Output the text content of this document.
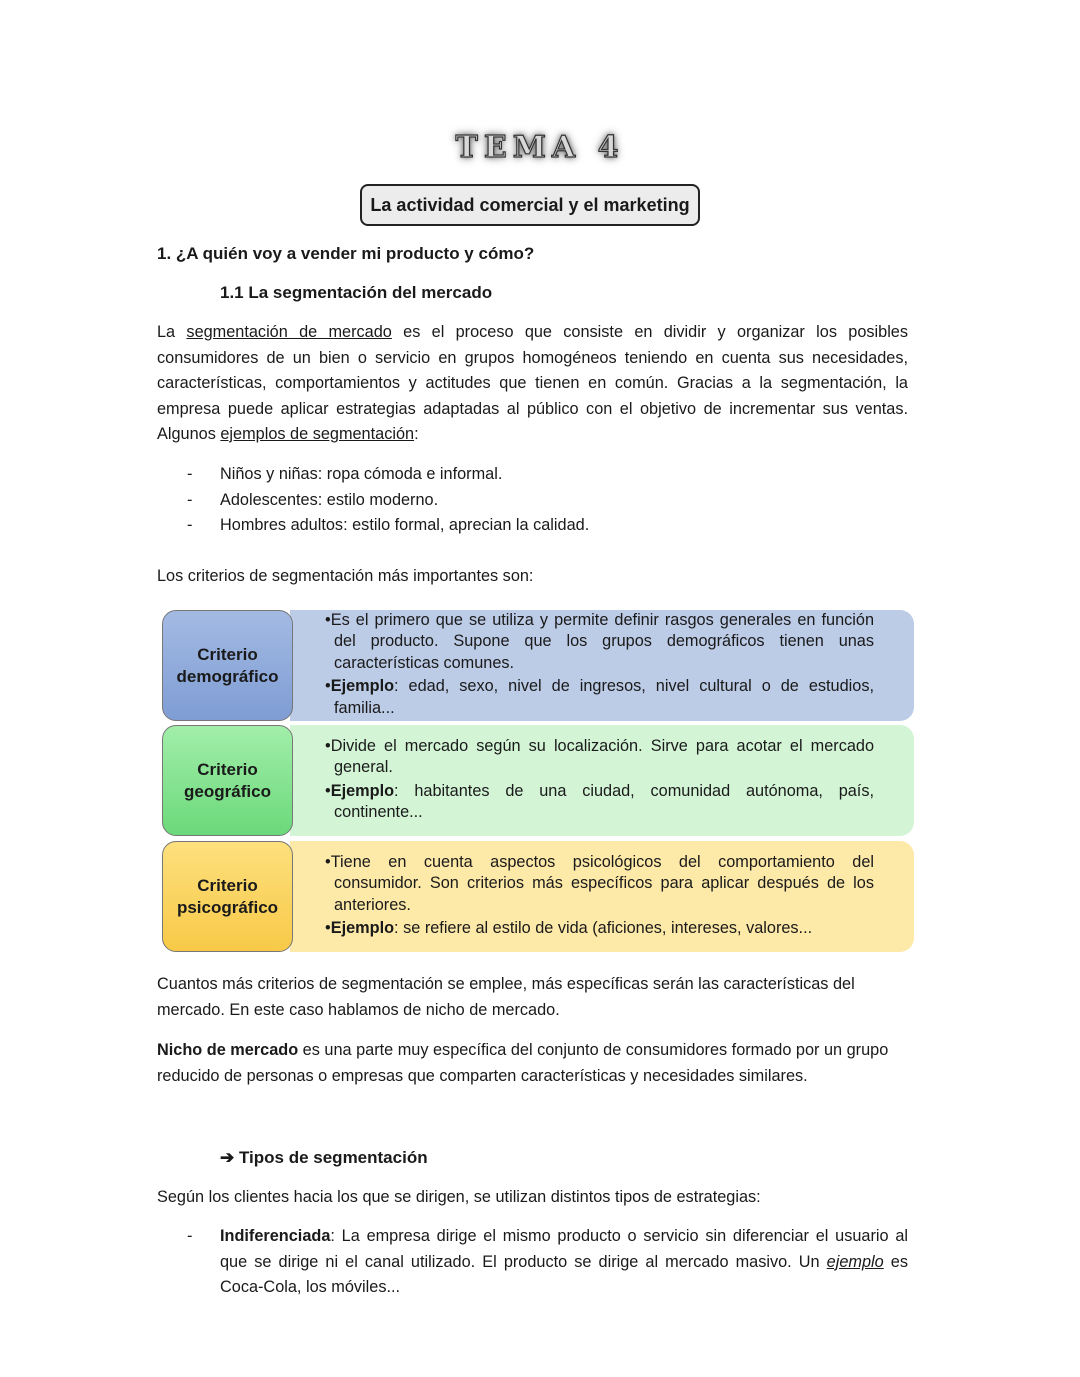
TEMA 4
La actividad comercial y el marketing
1. ¿A quién voy a vender mi producto y cómo?
1.1 La segmentación del mercado
La segmentación de mercado es el proceso que consiste en dividir y organizar los posibles consumidores de un bien o servicio en grupos homogéneos teniendo en cuenta sus necesidades, características, comportamientos y actitudes que tienen en común. Gracias a la segmentación, la empresa puede aplicar estrategias adaptadas al público con el objetivo de incrementar sus ventas. Algunos ejemplos de segmentación:
- Niños y niñas: ropa cómoda e informal.
- Adolescentes: estilo moderno.
- Hombres adultos: estilo formal, aprecian la calidad.
Los criterios de segmentación más importantes son:
Criterio demográfico

•Es el primero que se utiliza y permite definir rasgos generales en función del producto. Supone que los grupos demográficos tienen unas características comunes.

•Ejemplo: edad, sexo, nivel de ingresos, nivel cultural o de estudios, familia...

Criterio geográfico

•Divide el mercado según su localización. Sirve para acotar el mercado general.

•Ejemplo: habitantes de una ciudad, comunidad autónoma, país, continente...

Criterio psicográfico

•Tiene en cuenta aspectos psicológicos del comportamiento del consumidor. Son criterios más específicos para aplicar después de los anteriores.

•Ejemplo: se refiere al estilo de vida (aficiones, intereses, valores...

Cuantos más criterios de segmentación se emplee, más específicas serán las características del mercado. En este caso hablamos de nicho de mercado.
Nicho de mercado es una parte muy específica del conjunto de consumidores formado por un grupo reducido de personas o empresas que comparten características y necesidades similares.
➔ Tipos de segmentación
Según los clientes hacia los que se dirigen, se utilizan distintos tipos de estrategias:
- Indiferenciada: La empresa dirige el mismo producto o servicio sin diferenciar el usuario al que se dirige ni el canal utilizado. El producto se dirige al mercado masivo. Un ejemplo es Coca-Cola, los móviles...
